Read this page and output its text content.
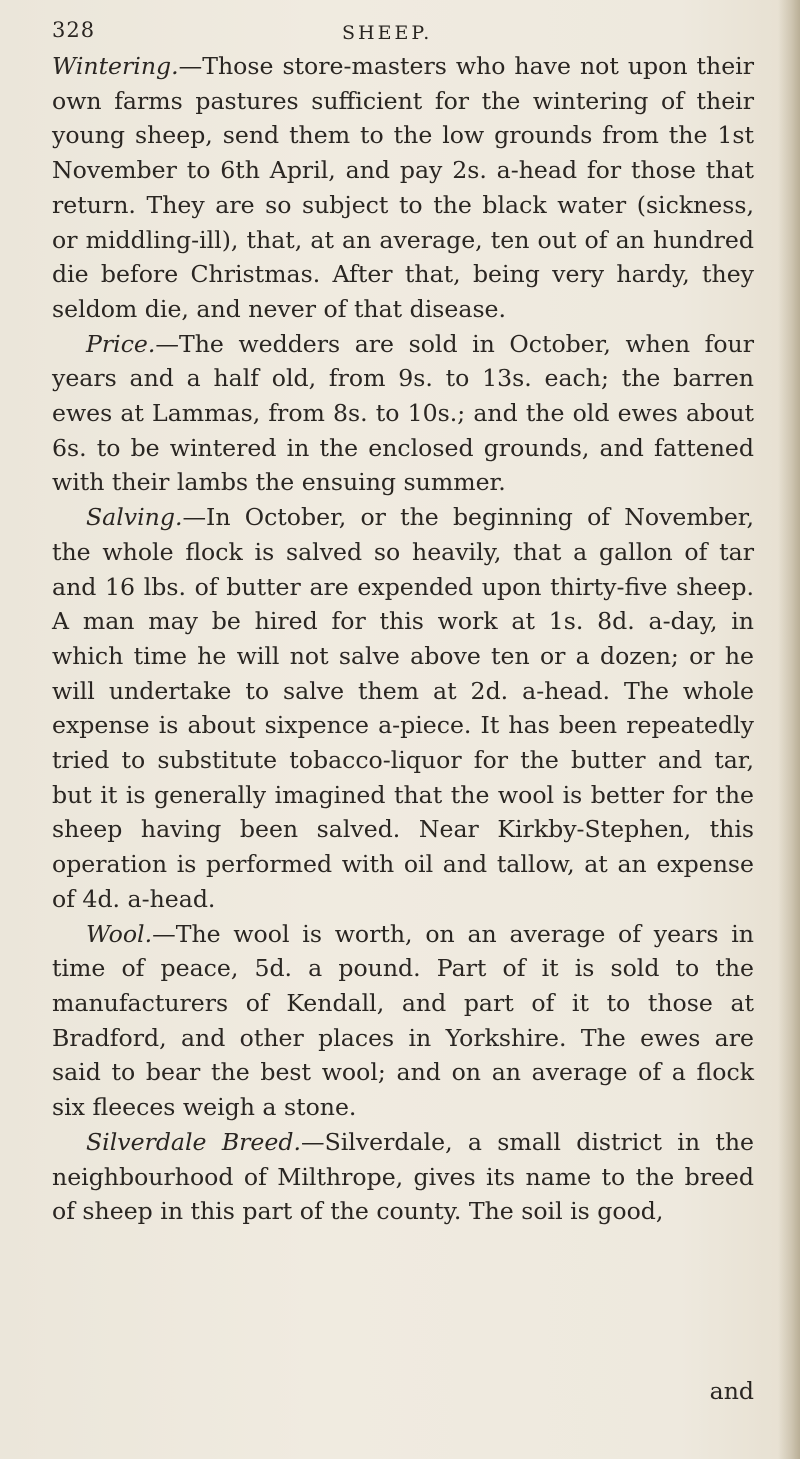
328	SHEEP.

Wintering.—Those store-masters who have not upon their own farms pastures sufficient for the wintering of their young sheep, send them to the low grounds from the 1st November to 6th April, and pay 2s. a-head for those that return. They are so subject to the black water (sickness, or middling-ill), that, at an average, ten out of an hundred die before Christmas. After that, being very hardy, they seldom die, and never of that disease.

Price.—The wedders are sold in October, when four years and a half old, from 9s. to 13s. each; the barren ewes at Lammas, from 8s. to 10s.; and the old ewes about 6s. to be wintered in the enclosed grounds, and fattened with their lambs the ensuing summer.

Salving.—In October, or the beginning of November, the whole flock is salved so heavily, that a gallon of tar and 16 lbs. of butter are expended upon thirty-five sheep. A man may be hired for this work at 1s. 8d. a-day, in which time he will not salve above ten or a dozen; or he will undertake to salve them at 2d. a-head. The whole expense is about sixpence a-piece. It has been repeatedly tried to substitute tobacco-liquor for the butter and tar, but it is generally imagined that the wool is better for the sheep having been salved. Near Kirkby-Stephen, this operation is performed with oil and tallow, at an expense of 4d. a-head.

Wool.—The wool is worth, on an average of years in time of peace, 5d. a pound. Part of it is sold to the manufacturers of Kendall, and part of it to those at Bradford, and other places in Yorkshire. The ewes are said to bear the best wool; and on an average of a flock six fleeces weigh a stone.

Silverdale Breed.—Silverdale, a small district in the neighbourhood of Milthrope, gives its name to the breed of sheep in this part of the county. The soil is good,

and
